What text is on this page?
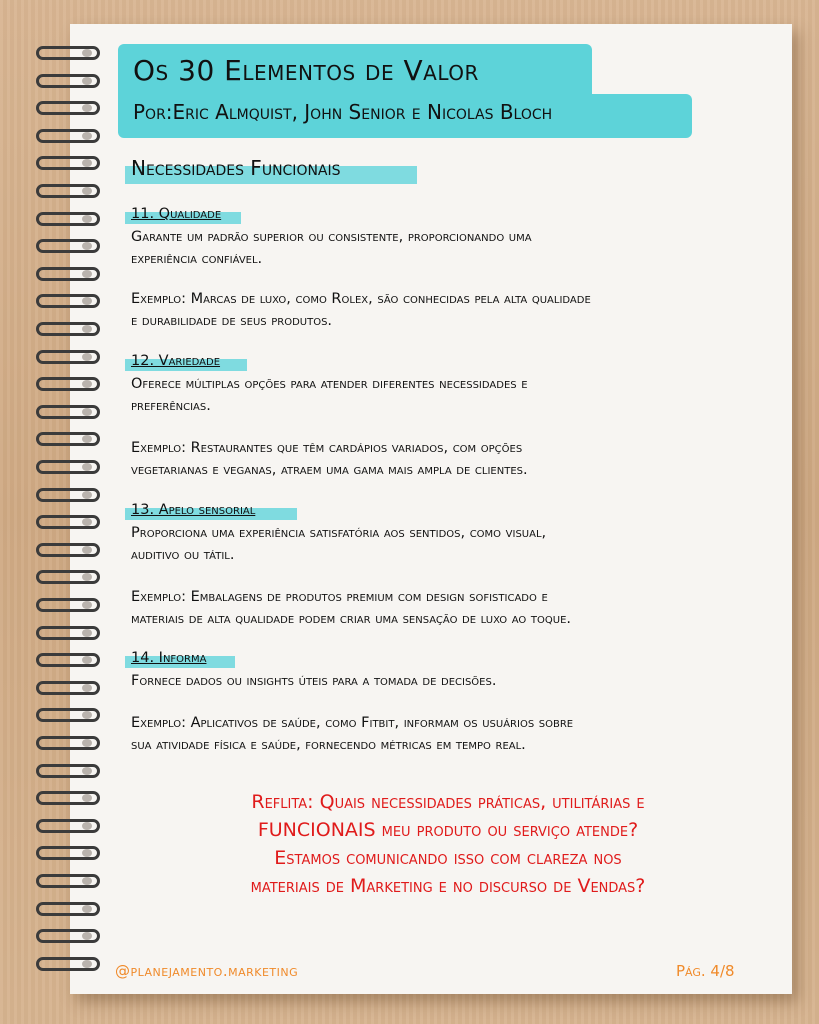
Os 30 Elementos de Valor
Por:Eric Almquist, John Senior e Nicolas Bloch
Necessidades Funcionais
11. Qualidade
Garante um padrão superior ou consistente, proporcionando uma
experiência confiável.
Exemplo: Marcas de luxo, como Rolex, são conhecidas pela alta qualidade
e durabilidade de seus produtos.
12. Variedade
Oferece múltiplas opções para atender diferentes necessidades e
preferências.
Exemplo: Restaurantes que têm cardápios variados, com opções
vegetarianas e veganas, atraem uma gama mais ampla de clientes.
13. Apelo sensorial
Proporciona uma experiência satisfatória aos sentidos, como visual,
auditivo ou tátil.
Exemplo: Embalagens de produtos premium com design sofisticado e
materiais de alta qualidade podem criar uma sensação de luxo ao toque.
14. Informa
Fornece dados ou insights úteis para a tomada de decisões.
Exemplo: Aplicativos de saúde, como Fitbit, informam os usuários sobre
sua atividade física e saúde, fornecendo métricas em tempo real.
Reflita: Quais necessidades práticas, utilitárias e
FUNCIONAIS meu produto ou serviço atende?
Estamos comunicando isso com clareza nos
materiais de Marketing e no discurso de Vendas?
@planejamento.marketing	Pág. 4/8
